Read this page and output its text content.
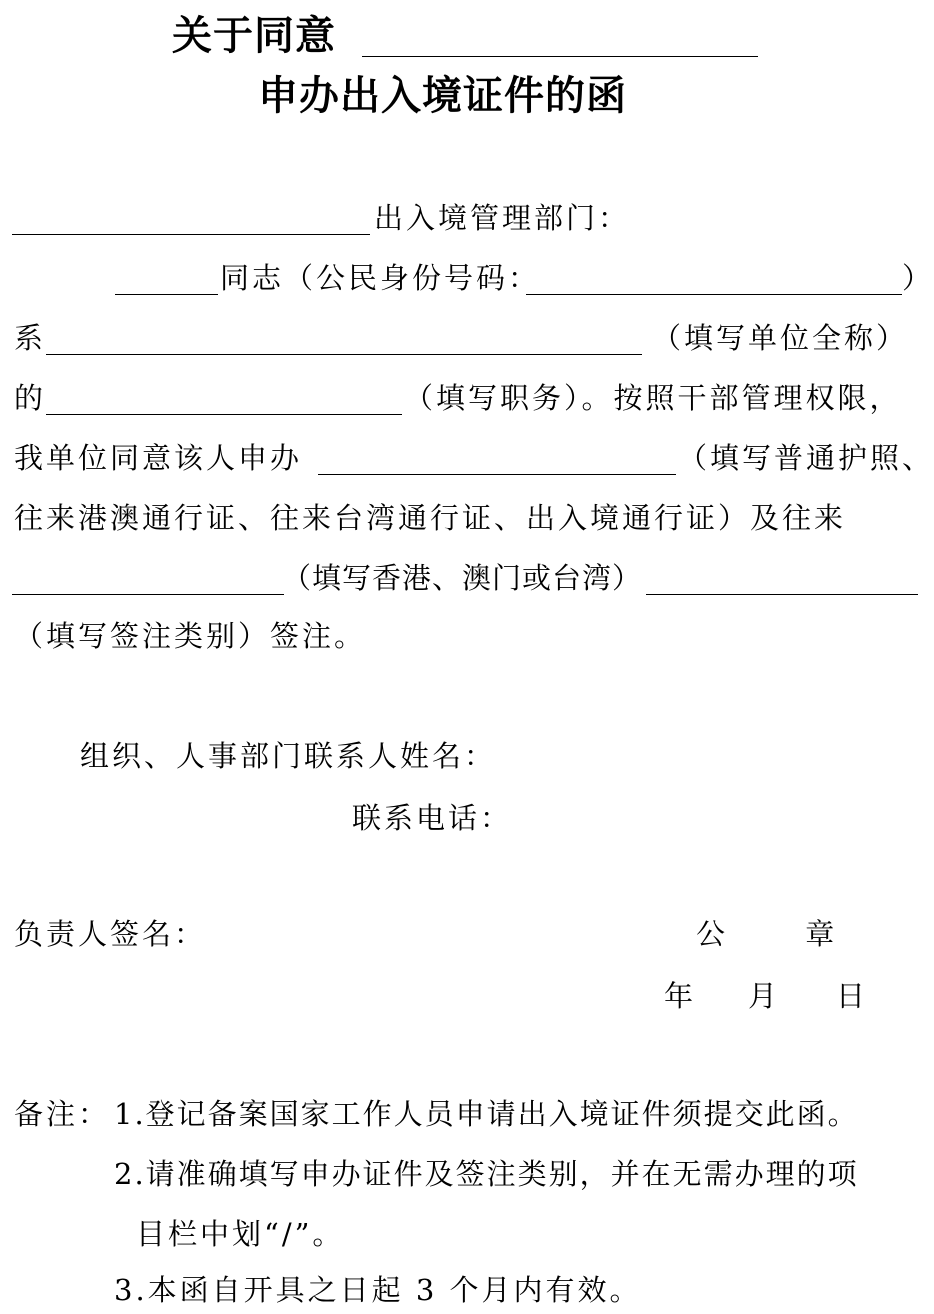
关于同意
申办出入境证件的函
出入境管理部门：
同志（公民身份号码：	）
系	（填写单位全称）
的	（填写职务）。按照干部管理权限，
我单位同意该人申办	（填写普通护照、
往来港澳通行证、往来台湾通行证、出入境通行证）及往来
（填写香港、澳门或台湾）
（填写签注类别）签注。
组织、人事部门联系人姓名：
联系电话：
负责人签名：	公　 章
年 月 日
备注： 1.登记备案国家工作人员申请出入境证件须提交此函。
2.请准确填写申办证件及签注类别，并在无需办理的项
目栏中划“/”。
3.本函自开具之日起 3 个月内有效。
